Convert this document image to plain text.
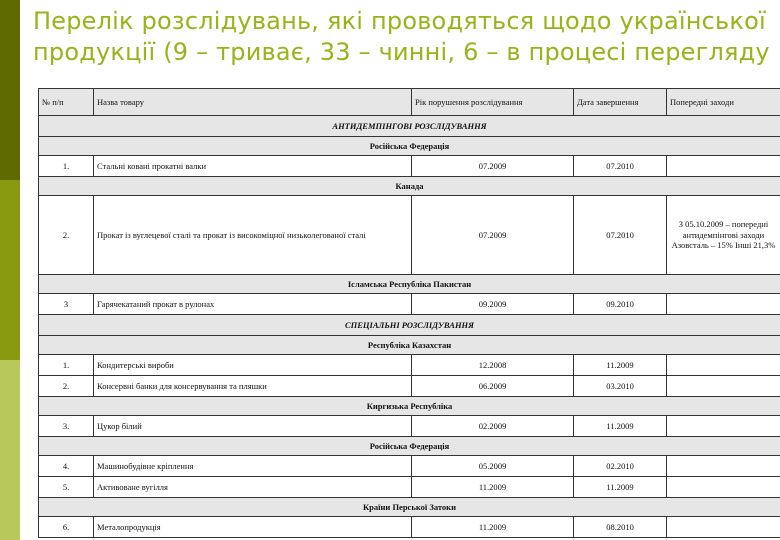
Перелік розслідувань, які проводяться щодо української продукції (9 – триває, 33 – чинні, 6 – в процесі перегляду
№ п/п	Назва товару	Рік порушення розслідування	Дата завершення	Попередні заходи
АНТИДЕМПІНГОВІ РОЗСЛІДУВАННЯ				
Російська Федерація				
1.	Стальні ковані прокатні валки	07.2009	07.2010	
Канада				
2.	Прокат із вуглецевої сталі та прокат із високоміцної низьколегованої сталі	07.2009	07.2010	З 05.10.2009 – попередні антидемпінгові заходи Азовсталь – 15% Інші 21,3%
Ісламська Республіка Пакистан				
3	Гарячекатаний прокат в рулонах	09.2009	09.2010	
СПЕЦІАЛЬНІ РОЗСЛІДУВАННЯ				
Республіка Казахстан				
1.	Кондитерські вироби	12.2008	11.2009	
2.	Консервні банки для консервування та пляшки	06.2009	03.2010	
Киргизька Республіка				
3.	Цукор білий	02.2009	11.2009	
Російська Федерація				
4.	Машинобудівне кріплення	05.2009	02.2010	
5.	Активоване вугілля	11.2009	11.2009	
Країни Перської Затоки				
6.	Металопродукція	11.2009	08.2010	
